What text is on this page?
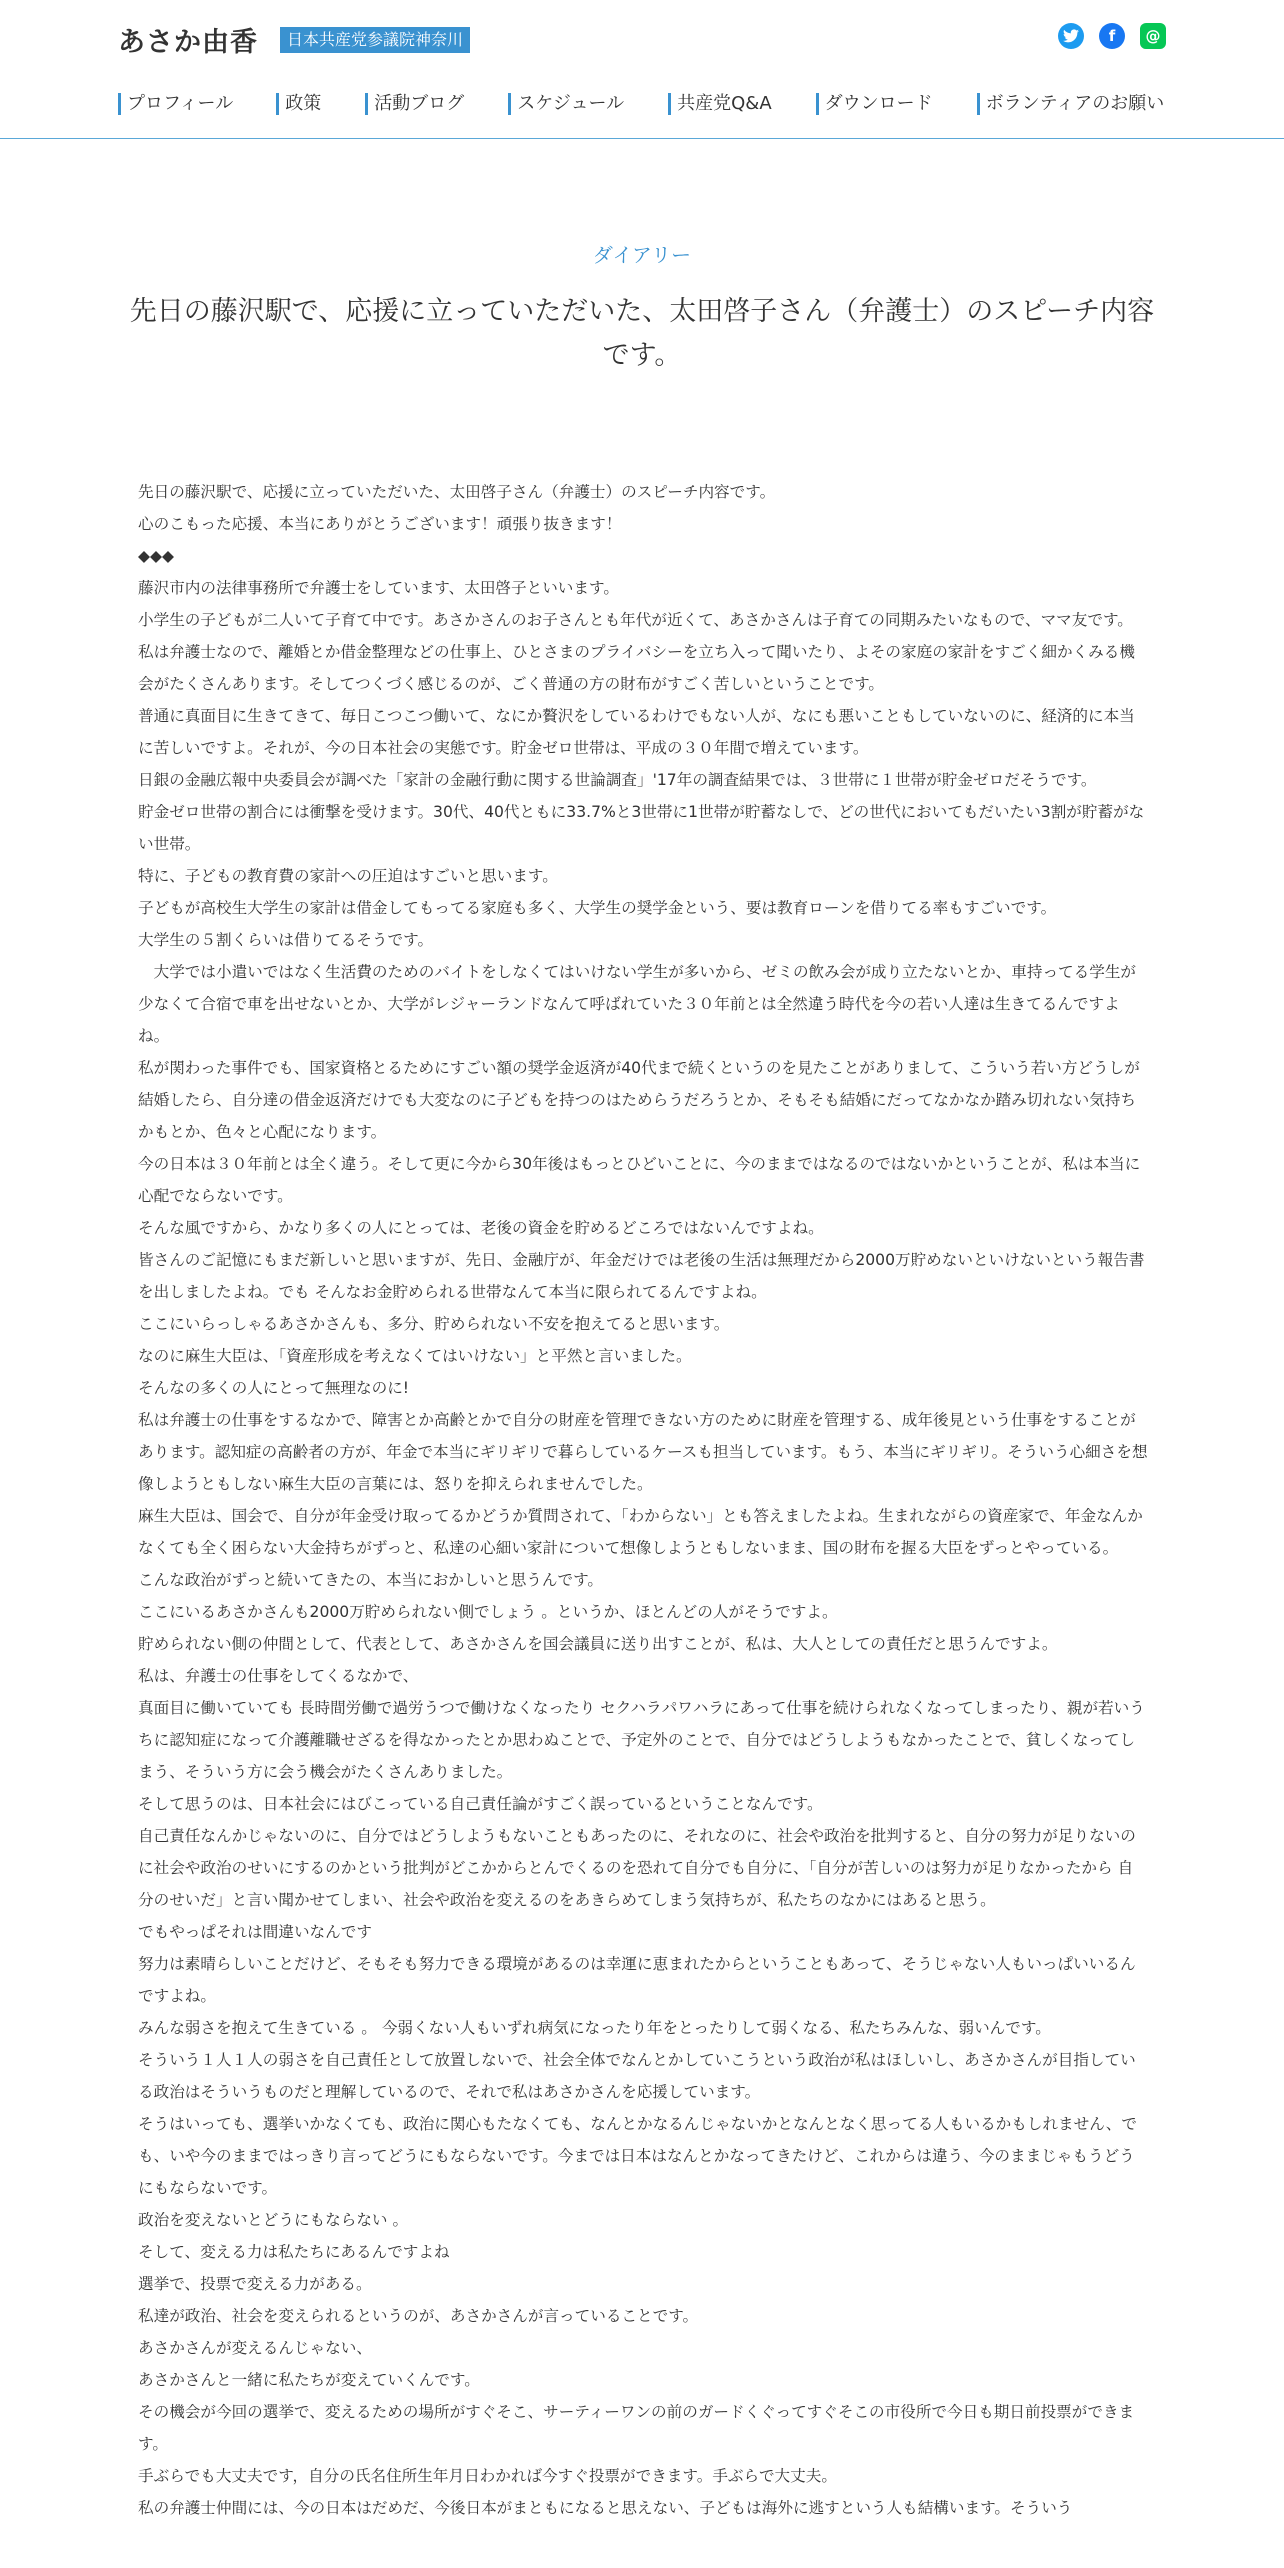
あさか由香	日本共産党参議院神奈川	f	@
プロフィール	政策	活動ブログ	スケジュール	共産党Q&A	ダウンロード	ボランティアのお願い
ダイアリー
先日の藤沢駅で、応援に立っていただいた、太田啓子さん（弁護士）のスピーチ内容です。

先日の藤沢駅で、応援に立っていただいた、太田啓子さん（弁護士）のスピーチ内容です。

心のこもった応援、本当にありがとうございます！頑張り抜きます！

◆◆◆

藤沢市内の法律事務所で弁護士をしています、太田啓子といいます。

小学生の子どもが二人いて子育て中です。あさかさんのお子さんとも年代が近くて、あさかさんは子育ての同期みたいなもので、ママ友です。

私は弁護士なので、離婚とか借金整理などの仕事上、ひとさまのプライバシーを立ち入って聞いたり、よその家庭の家計をすごく細かくみる機会がたくさんあります。そしてつくづく感じるのが、ごく普通の方の財布がすごく苦しいということです。

普通に真面目に生きてきて、毎日こつこつ働いて、なにか贅沢をしているわけでもない人が、なにも悪いこともしていないのに、経済的に本当に苦しいですよ。それが、今の日本社会の実態です。貯金ゼロ世帯は、平成の３０年間で増えています。

日銀の金融広報中央委員会が調べた「家計の金融行動に関する世論調査」'17年の調査結果では、３世帯に１世帯が貯金ゼロだそうです。

貯金ゼロ世帯の割合には衝撃を受けます。30代、40代ともに33.7%と3世帯に1世帯が貯蓄なしで、どの世代においてもだいたい3割が貯蓄がない世帯。

特に、子どもの教育費の家計への圧迫はすごいと思います。

子どもが高校生大学生の家計は借金してもってる家庭も多く、大学生の奨学金という、要は教育ローンを借りてる率もすごいです。

大学生の５割くらいは借りてるそうです。

　大学では小遣いではなく生活費のためのバイトをしなくてはいけない学生が多いから、ゼミの飲み会が成り立たないとか、車持ってる学生が少なくて合宿で車を出せないとか、大学がレジャーランドなんて呼ばれていた３０年前とは全然違う時代を今の若い人達は生きてるんですよね。

私が関わった事件でも、国家資格とるためにすごい額の奨学金返済が40代まで続くというのを見たことがありまして、こういう若い方どうしが結婚したら、自分達の借金返済だけでも大変なのに子どもを持つのはためらうだろうとか、そもそも結婚にだってなかなか踏み切れない気持ちかもとか、色々と心配になります。

今の日本は３０年前とは全く違う。そして更に今から30年後はもっとひどいことに、今のままではなるのではないかということが、私は本当に心配でならないです。

そんな風ですから、かなり多くの人にとっては、老後の資金を貯めるどころではないんですよね。

皆さんのご記憶にもまだ新しいと思いますが、先日、金融庁が、年金だけでは老後の生活は無理だから2000万貯めないといけないという報告書を出しましたよね。でも そんなお金貯められる世帯なんて本当に限られてるんですよね。

ここにいらっしゃるあさかさんも、多分、貯められない不安を抱えてると思います。

なのに麻生大臣は、「資産形成を考えなくてはいけない」と平然と言いました。

そんなの多くの人にとって無理なのに!

私は弁護士の仕事をするなかで、障害とか高齢とかで自分の財産を管理できない方のために財産を管理する、成年後見という仕事をすることがあります。認知症の高齢者の方が、年金で本当にギリギリで暮らしているケースも担当しています。もう、本当にギリギリ。そういう心細さを想像しようともしない麻生大臣の言葉には、怒りを抑えられませんでした。

麻生大臣は、国会で、自分が年金受け取ってるかどうか質問されて、「わからない」とも答えましたよね。生まれながらの資産家で、年金なんかなくても全く困らない大金持ちがずっと、私達の心細い家計について想像しようともしないまま、国の財布を握る大臣をずっとやっている。

こんな政治がずっと続いてきたの、本当におかしいと思うんです。

ここにいるあさかさんも2000万貯められない側でしょう 。というか、ほとんどの人がそうですよ。

貯められない側の仲間として、代表として、あさかさんを国会議員に送り出すことが、私は、大人としての責任だと思うんですよ。

私は、弁護士の仕事をしてくるなかで、

真面目に働いていても 長時間労働で過労うつで働けなくなったり セクハラパワハラにあって仕事を続けられなくなってしまったり、親が若いうちに認知症になって介護離職せざるを得なかったとか思わぬことで、予定外のことで、自分ではどうしようもなかったことで、貧しくなってしまう、そういう方に会う機会がたくさんありました。

そして思うのは、日本社会にはびこっている自己責任論がすごく誤っているということなんです。

自己責任なんかじゃないのに、自分ではどうしようもないこともあったのに、それなのに、社会や政治を批判すると、自分の努力が足りないのに社会や政治のせいにするのかという批判がどこかからとんでくるのを恐れて自分でも自分に、「自分が苦しいのは努力が足りなかったから 自分のせいだ」と言い聞かせてしまい、社会や政治を変えるのをあきらめてしまう気持ちが、私たちのなかにはあると思う。

でもやっぱそれは間違いなんです

努力は素晴らしいことだけど、そもそも努力できる環境があるのは幸運に恵まれたからということもあって、そうじゃない人もいっぱいいるんですよね。

みんな弱さを抱えて生きている 。 今弱くない人もいずれ病気になったり年をとったりして弱くなる、私たちみんな、弱いんです。

そういう１人１人の弱さを自己責任として放置しないで、社会全体でなんとかしていこうという政治が私はほしいし、あさかさんが目指している政治はそういうものだと理解しているので、それで私はあさかさんを応援しています。

そうはいっても、選挙いかなくても、政治に関心もたなくても、なんとかなるんじゃないかとなんとなく思ってる人もいるかもしれません、でも、いや今のままではっきり言ってどうにもならないです。今までは日本はなんとかなってきたけど、これからは違う、今のままじゃもうどうにもならないです。

政治を変えないとどうにもならない 。

そして、変える力は私たちにあるんですよね

選挙で、投票で変える力がある。

私達が政治、社会を変えられるというのが、あさかさんが言っていることです。

あさかさんが変えるんじゃない、

あさかさんと一緒に私たちが変えていくんです。

その機会が今回の選挙で、変えるための場所がすぐそこ、サーティーワンの前のガードくぐってすぐそこの市役所で今日も期日前投票ができます。

手ぶらでも大丈夫です，自分の氏名住所生年月日わかれば今すぐ投票ができます。手ぶらで大丈夫。

私の弁護士仲間には、今の日本はだめだ、今後日本がまともになると思えない、子どもは海外に逃すという人も結構います。そういう
